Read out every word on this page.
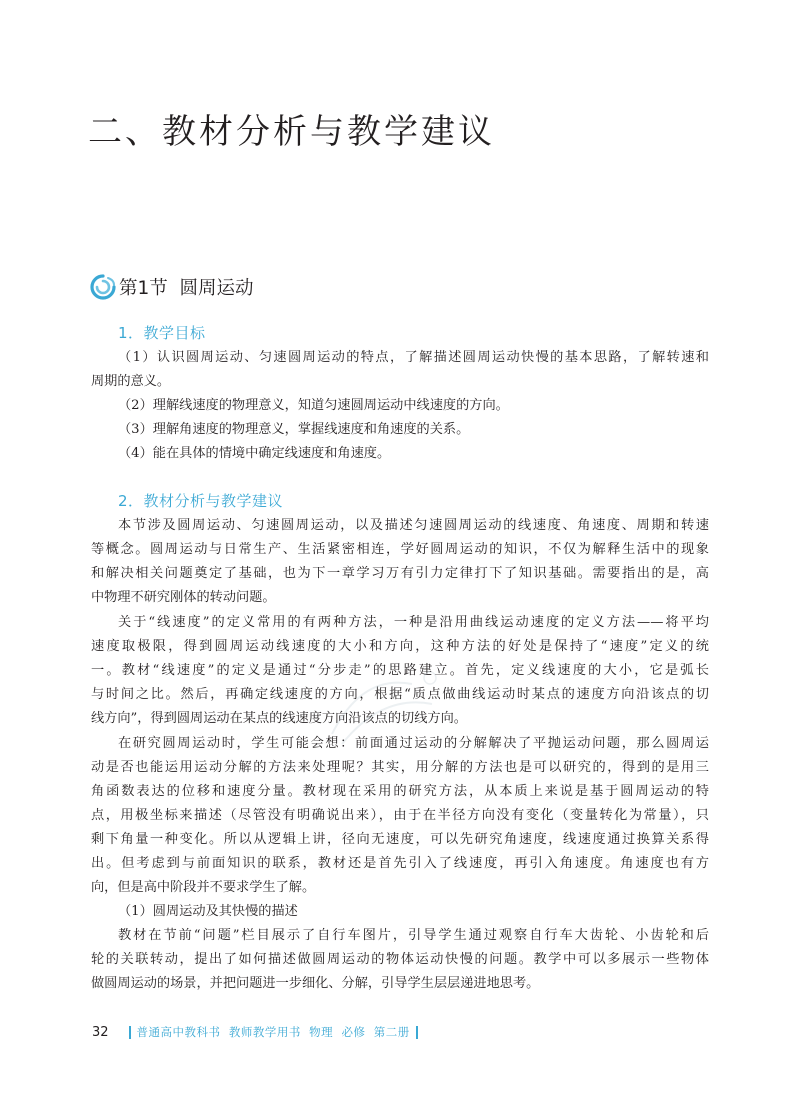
二、教材分析与教学建议
第1节
圆周运动
1．教学目标
（1）认识圆周运动、匀速圆周运动的特点，了解描述圆周运动快慢的基本思路，了解转速和
周期的意义。
（2）理解线速度的物理意义，知道匀速圆周运动中线速度的方向。
（3）理解角速度的物理意义，掌握线速度和角速度的关系。
（4）能在具体的情境中确定线速度和角速度。
2．教材分析与教学建议
本节涉及圆周运动、匀速圆周运动，以及描述匀速圆周运动的线速度、角速度、周期和转速
等概念。圆周运动与日常生产、生活紧密相连，学好圆周运动的知识，不仅为解释生活中的现象
和解决相关问题奠定了基础，也为下一章学习万有引力定律打下了知识基础。需要指出的是，高
中物理不研究刚体的转动问题。
关于“线速度”的定义常用的有两种方法，一种是沿用曲线运动速度的定义方法——将平均
速度取极限，得到圆周运动线速度的大小和方向，这种方法的好处是保持了“速度”定义的统
一。教材“线速度”的定义是通过“分步走”的思路建立。首先，定义线速度的大小，它是弧长
与时间之比。然后，再确定线速度的方向，根据“质点做曲线运动时某点的速度方向沿该点的切
线方向”，得到圆周运动在某点的线速度方向沿该点的切线方向。
在研究圆周运动时，学生可能会想：前面通过运动的分解解决了平抛运动问题，那么圆周运
动是否也能运用运动分解的方法来处理呢？其实，用分解的方法也是可以研究的，得到的是用三
角函数表达的位移和速度分量。教材现在采用的研究方法，从本质上来说是基于圆周运动的特
点，用极坐标来描述（尽管没有明确说出来），由于在半径方向没有变化（变量转化为常量），只
剩下角量一种变化。所以从逻辑上讲，径向无速度，可以先研究角速度，线速度通过换算关系得
出。但考虑到与前面知识的联系，教材还是首先引入了线速度，再引入角速度。角速度也有方
向，但是高中阶段并不要求学生了解。
（1）圆周运动及其快慢的描述
教材在节前“问题”栏目展示了自行车图片，引导学生通过观察自行车大齿轮、小齿轮和后
轮的关联转动，提出了如何描述做圆周运动的物体运动快慢的问题。教学中可以多展示一些物体
做圆周运动的场景，并把问题进一步细化、分解，引导学生层层递进地思考。
32 普通高中教科书  教师教学用书  物理  必修  第二册
